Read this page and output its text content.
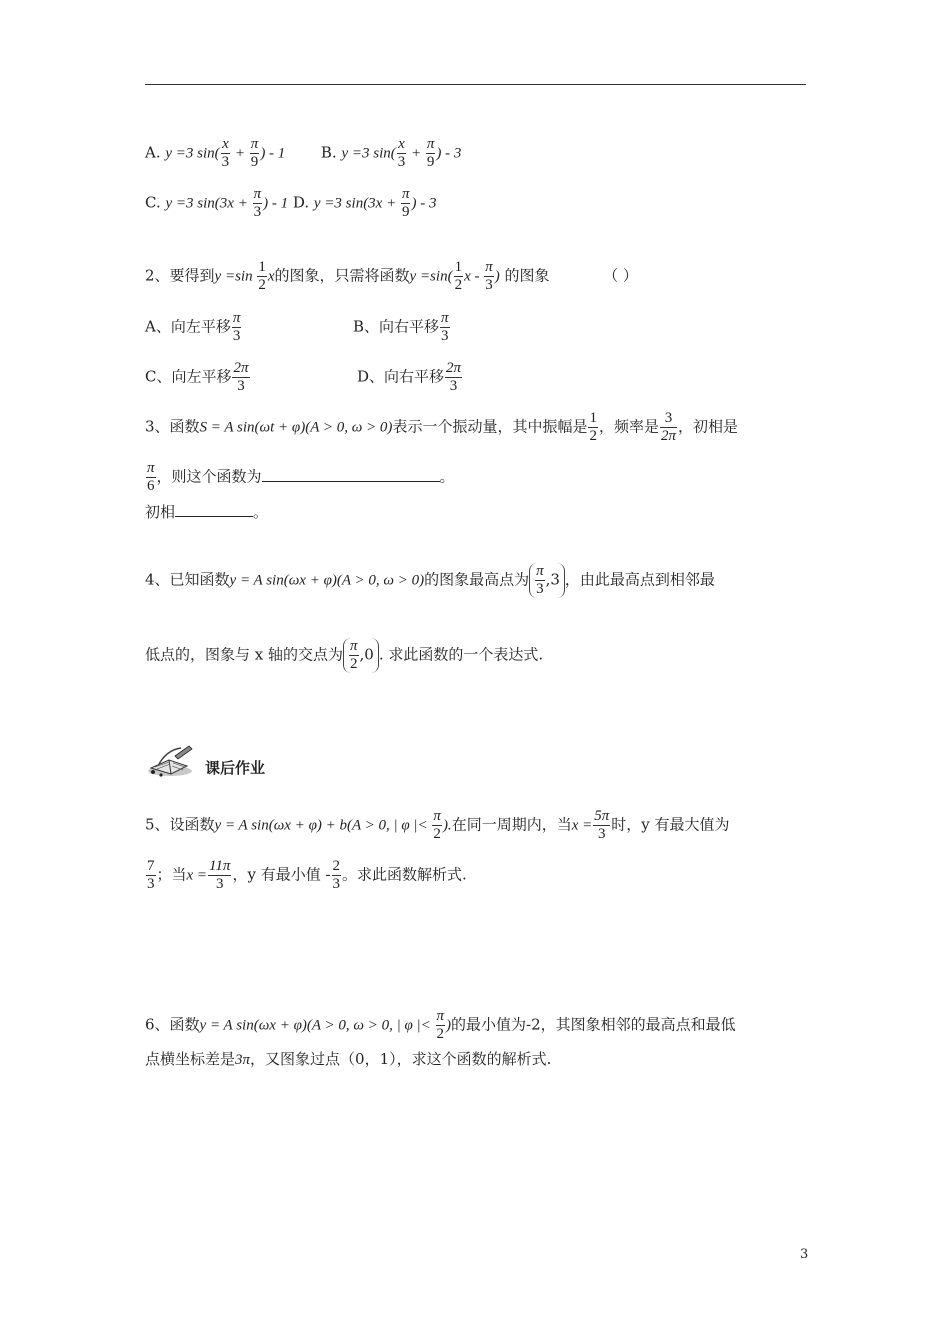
A. y =3 $\sin( \frac{x}{3} + \frac{\pi}{9}$ ) - 1 B. y =3 $\sin( \frac{x}{3} + \frac{\pi}{9}$ ) - 3
C. y =3 $\sin(3x + \frac{\pi}{3}$ ) - 1 D. y =3 $\sin(3x + \frac{\pi}{9}$ ) - 3
2、要得到$y =\sin \frac{1}{2}$ x的图象，只需将函数$y =\sin( \frac{1}{2}$ x - $\frac{\pi}{3}$ ) 的图象	（ ）
A、向左平移 $\frac{\pi}{3}$	B、向右平移 $\frac{\pi}{3}$
C、向左平移 $\frac{2\pi}{3}$	D、向右平移 $\frac{2\pi}{3}$
3、函数S = A sin(ωt + φ)(A > 0, ω > 0)表示一个振动量，其中振幅是 $\frac{1}{2}$ ，频率是 $\frac{3}{2\pi}$ ，初相是
$\frac{\pi}{6}$ ，则这个函数为	。
初相	。
4、已知函数y = A sin(ωx + φ)(A > 0, ω > 0)的图象最高点为 $\frac{\pi}{3} ,3$ ，由此最高点到相邻最
低点的，图象与 x 轴的交点为 $\frac{\pi}{2} ,0$ . 求此函数的一个表达式.
课后作业
5、设函数y = A sin(ωx + φ) + b(A > 0, | φ |< $\frac{\pi}{2}$ ).在同一周期内，当$x = \frac{5\pi}{3}$ 时，y 有最大值为
$\frac{7}{3}$ ；当$x = \frac{11\pi}{3}$ ，y 有最小值 - $\frac{2}{3}$ 。求此函数解析式.
6、函数y = A sin(ωx + φ)(A > 0, ω > 0, | φ |< $\frac{\pi}{2}$ )的最小值为-2，其图象相邻的最高点和最低
点横坐标差是3π，又图象过点（0，1），求这个函数的解析式.
3
